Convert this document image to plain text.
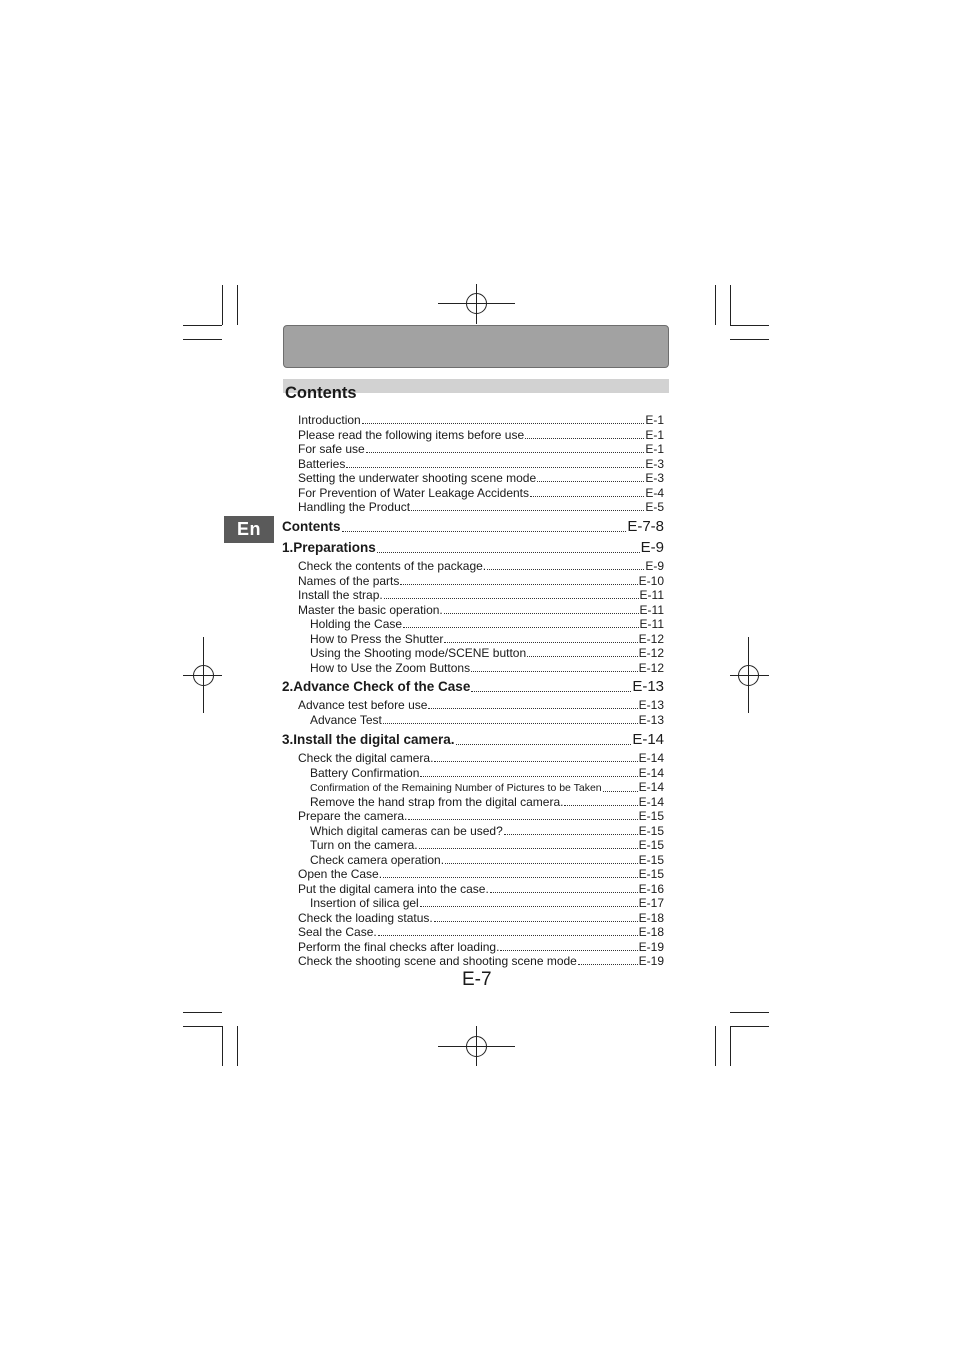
Contents
En
Introduction	E-1
Please read the following items before use	E-1
For safe use	E-1
Batteries	E-3
Setting the underwater shooting scene mode	E-3
For Prevention of Water Leakage Accidents	E-4
Handling the Product	E-5
Contents	E-7-8
1.Preparations	E-9
Check the contents of the package.	E-9
Names of the parts	E-10
Install the strap.	E-11
Master the basic operation.	E-11
Holding the Case	E-11
How to Press the Shutter	E-12
Using the Shooting mode/SCENE button	E-12
How to Use the Zoom Buttons	E-12
2.Advance Check of the Case	E-13
Advance test before use	E-13
Advance Test	E-13
3.Install the digital camera.	E-14
Check the digital camera.	E-14
Battery Confirmation	E-14
Confirmation of the Remaining Number of Pictures to be Taken	E-14
Remove the hand strap from the digital camera.	E-14
Prepare the camera.	E-15
Which digital cameras can be used?	E-15
Turn on the camera.	E-15
Check camera operation.	E-15
Open the Case.	E-15
Put the digital camera into the case.	E-16
Insertion of silica gel	E-17
Check the loading status.	E-18
Seal the Case.	E-18
Perform the final checks after loading.	E-19
Check the shooting scene and shooting scene mode	E-19
E-7
